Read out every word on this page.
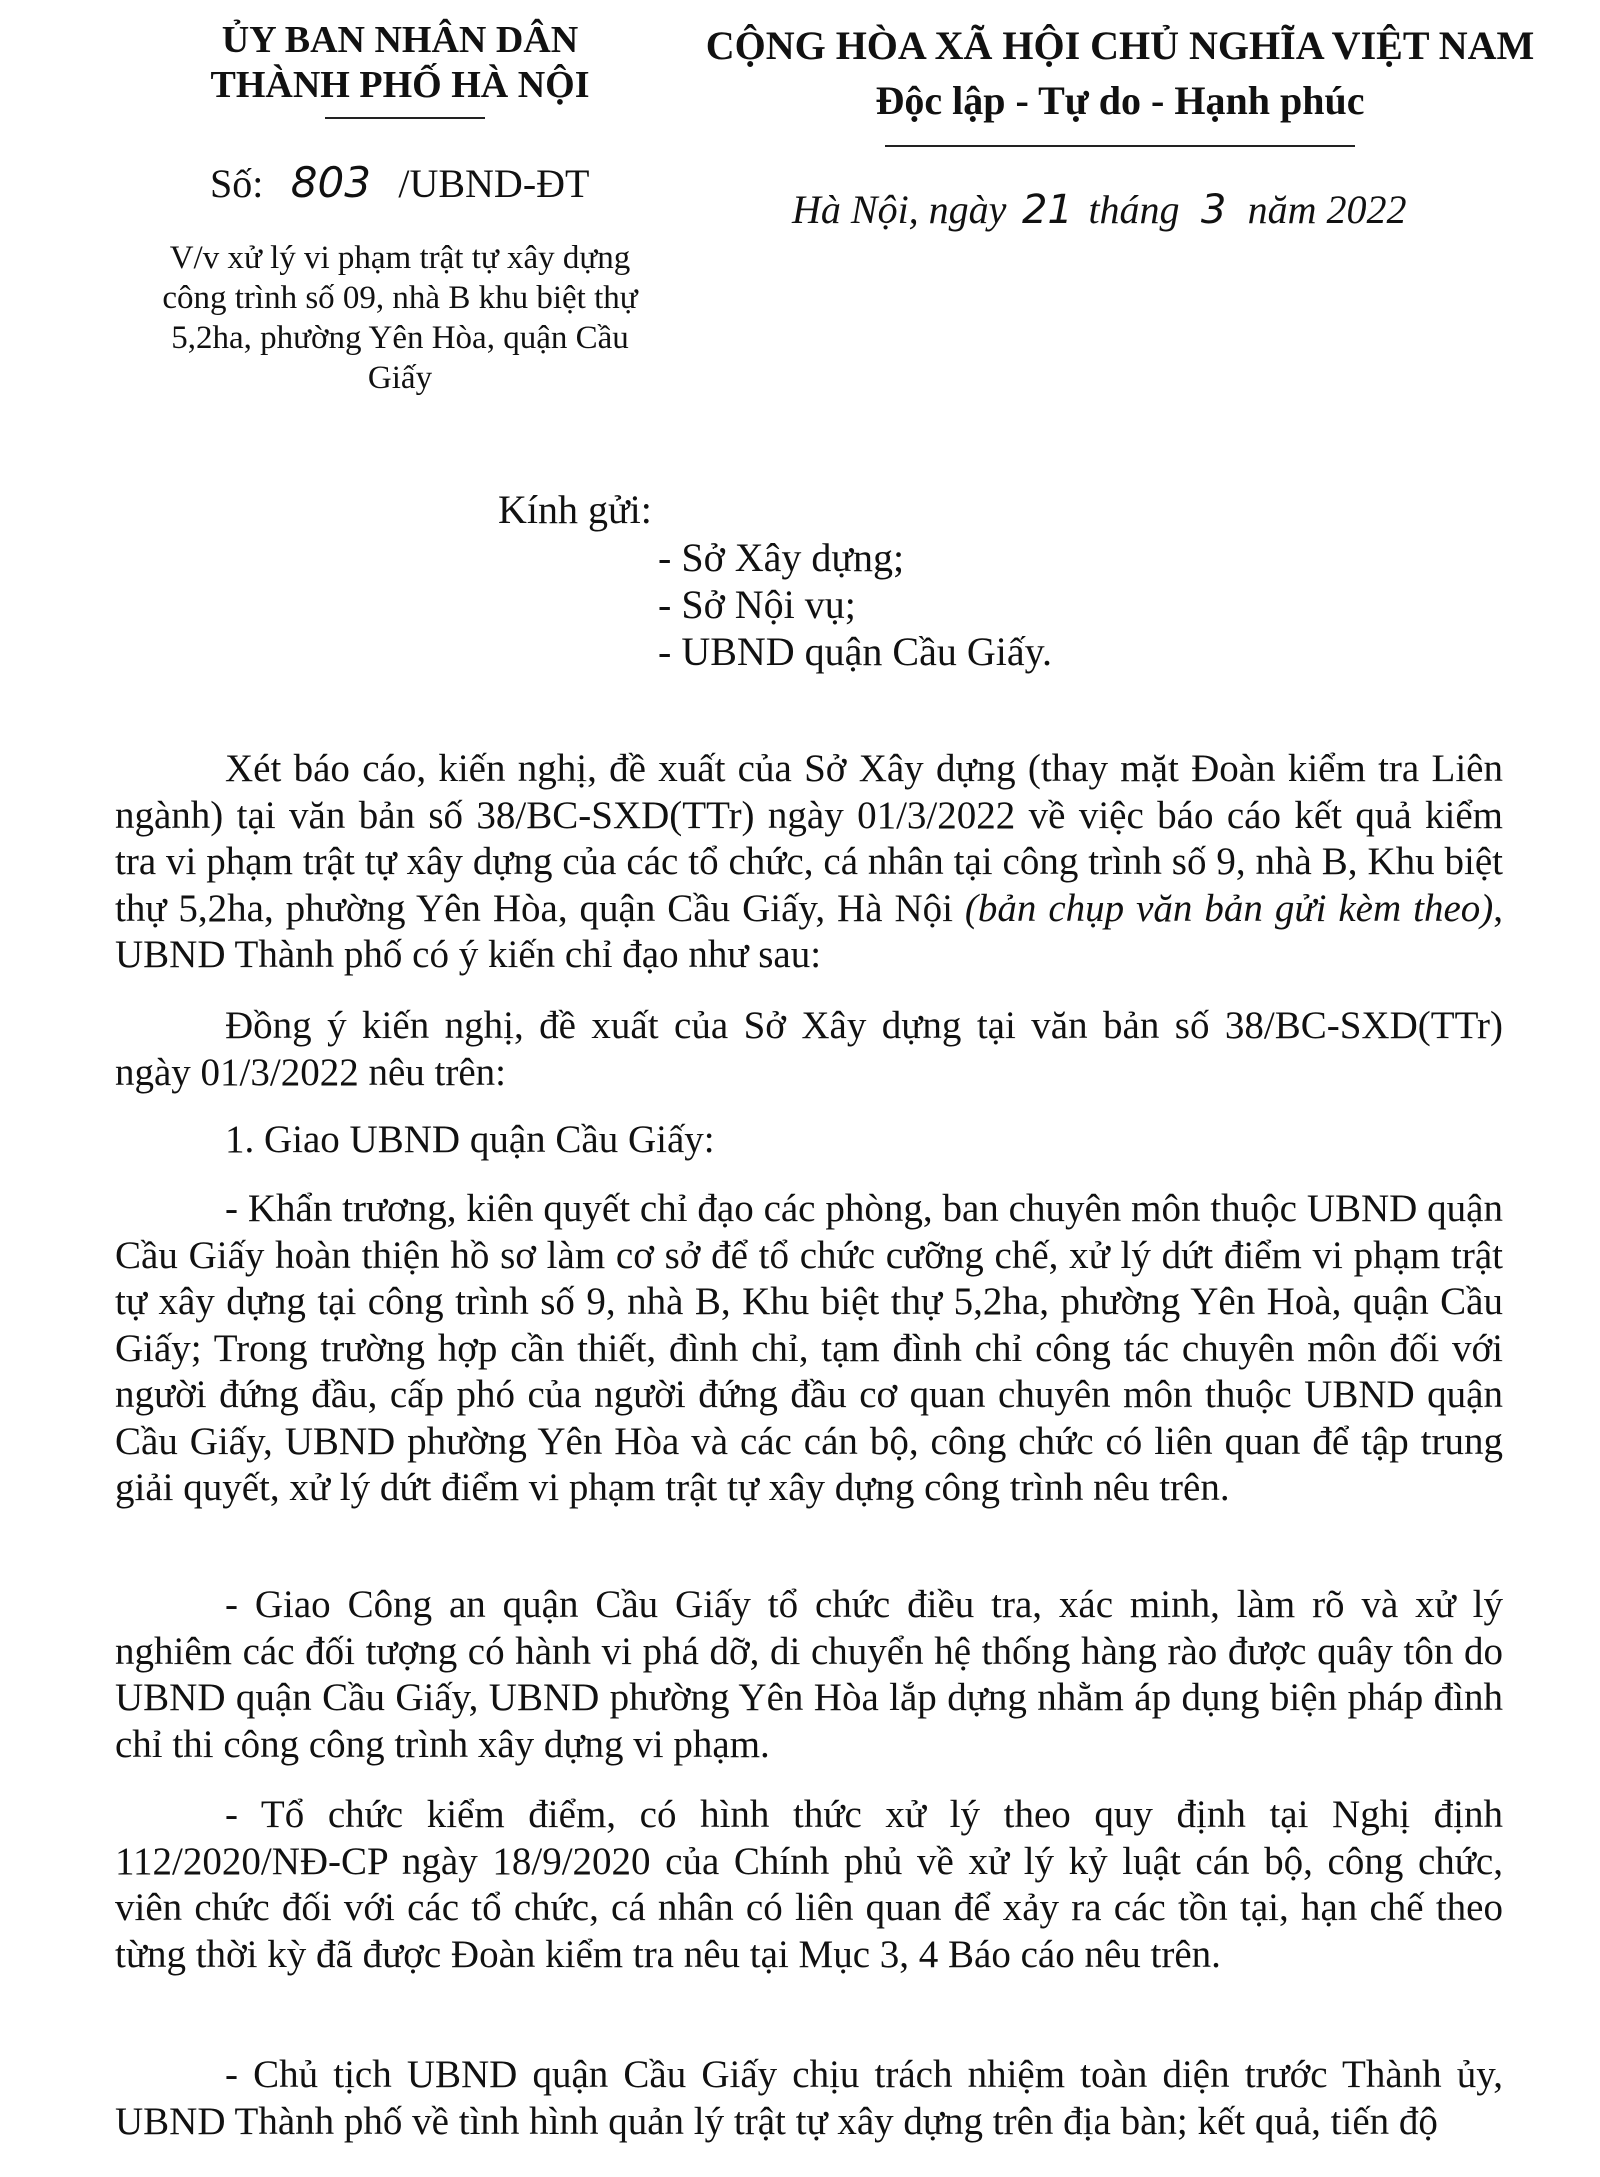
ỦY BAN NHÂN DÂN
THÀNH PHỐ HÀ NỘI
CỘNG HÒA XÃ HỘI CHỦ NGHĨA VIỆT NAM
Độc lập - Tự do - Hạnh phúc
Số: 803 /UBND-ĐT
Hà Nội, ngày 21 tháng 3 năm 2022
V/v xử lý vi phạm trật tự xây dựng
công trình số 09, nhà B khu biệt thự
5,2ha, phường Yên Hòa, quận Cầu
Giấy
Kính gửi:
- Sở Xây dựng;
- Sở Nội vụ;
- UBND quận Cầu Giấy.
Xét báo cáo, kiến nghị, đề xuất của Sở Xây dựng (thay mặt Đoàn kiểm tra Liên ngành) tại văn bản số 38/BC-SXD(TTr) ngày 01/3/2022 về việc báo cáo kết quả kiểm tra vi phạm trật tự xây dựng của các tổ chức, cá nhân tại công trình số 9, nhà B, Khu biệt thự 5,2ha, phường Yên Hòa, quận Cầu Giấy, Hà Nội (bản chụp văn bản gửi kèm theo), UBND Thành phố có ý kiến chỉ đạo như sau:
Đồng ý kiến nghị, đề xuất của Sở Xây dựng tại văn bản số 38/BC-SXD(TTr) ngày 01/3/2022 nêu trên:
1. Giao UBND quận Cầu Giấy:
- Khẩn trương, kiên quyết chỉ đạo các phòng, ban chuyên môn thuộc UBND quận Cầu Giấy hoàn thiện hồ sơ làm cơ sở để tổ chức cưỡng chế, xử lý dứt điểm vi phạm trật tự xây dựng tại công trình số 9, nhà B, Khu biệt thự 5,2ha, phường Yên Hoà, quận Cầu Giấy; Trong trường hợp cần thiết, đình chỉ, tạm đình chỉ công tác chuyên môn đối với người đứng đầu, cấp phó của người đứng đầu cơ quan chuyên môn thuộc UBND quận Cầu Giấy, UBND phường Yên Hòa và các cán bộ, công chức có liên quan để tập trung giải quyết, xử lý dứt điểm vi phạm trật tự xây dựng công trình nêu trên.
- Giao Công an quận Cầu Giấy tổ chức điều tra, xác minh, làm rõ và xử lý nghiêm các đối tượng có hành vi phá dỡ, di chuyển hệ thống hàng rào được quây tôn do UBND quận Cầu Giấy, UBND phường Yên Hòa lắp dựng nhằm áp dụng biện pháp đình chỉ thi công công trình xây dựng vi phạm.
- Tổ chức kiểm điểm, có hình thức xử lý theo quy định tại Nghị định 112/2020/NĐ-CP ngày 18/9/2020 của Chính phủ về xử lý kỷ luật cán bộ, công chức, viên chức đối với các tổ chức, cá nhân có liên quan để xảy ra các tồn tại, hạn chế theo từng thời kỳ đã được Đoàn kiểm tra nêu tại Mục 3, 4 Báo cáo nêu trên.
- Chủ tịch UBND quận Cầu Giấy chịu trách nhiệm toàn diện trước Thành ủy, UBND Thành phố về tình hình quản lý trật tự xây dựng trên địa bàn; kết quả, tiến độ
